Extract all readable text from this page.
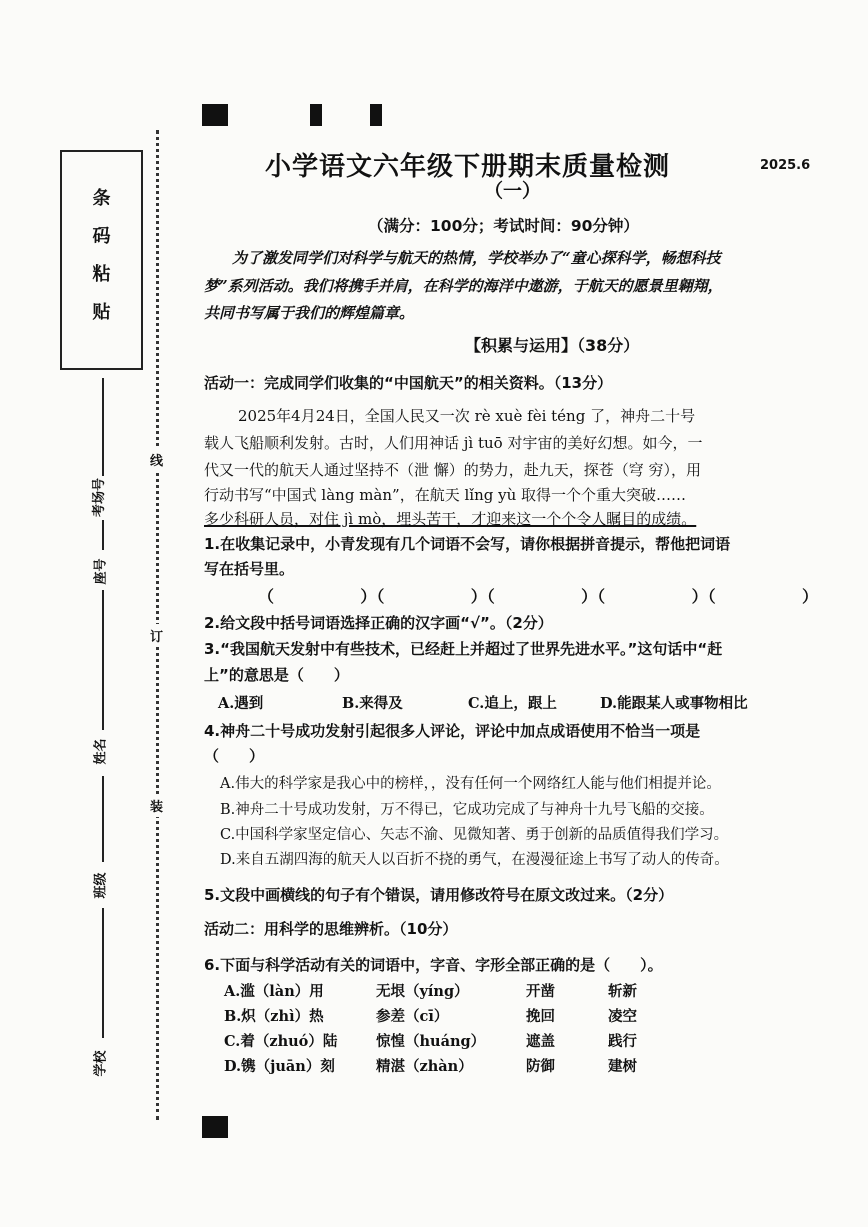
条
码
粘
贴
考场号
座号
姓名
班级
学校
线
订
装
小学语文六年级下册期末质量检测	2025.6
（一）
（满分：100分；考试时间：90分钟）
为了激发同学们对科学与航天的热情，学校举办了“童心探科学，畅想科技
梦”系列活动。我们将携手并肩，在科学的海洋中遨游，于航天的愿景里翱翔，
共同书写属于我们的辉煌篇章。
【积累与运用】（38分）
活动一：完成同学们收集的“中国航天”的相关资料。（13分）
2025年4月24日，全国人民又一次 rè xuè fèi téng 了，神舟二十号
载人飞船顺利发射。古时，人们用神话 jì tuō 对宇宙的美好幻想。如今，一
代又一代的航天人通过坚持不（泄 懈）的势力，赴九天，探苍（穹 穷），用
行动书写“中国式 làng màn”，在航天 lǐng yù 取得一个个重大突破……
多少科研人员，对住 jì mò，埋头苦干，才迎来这一个个令人瞩目的成绩。
1.在收集记录中，小青发现有几个词语不会写，请你根据拼音提示，帮他把词语
写在括号里。
（	）（	）（	）（	）（	）
2.给文段中括号词语选择正确的汉字画“√”。（2分）
3.“我国航天发射中有些技术，已经赶上并超过了世界先进水平。”这句话中“赶
上”的意思是（　　）
A.遇到	B.来得及	C.追上，跟上	D.能跟某人或事物相比
4.神舟二十号成功发射引起很多人评论，评论中加点成语使用不恰当一项是
（　　）
A.伟大的科学家是我心中的榜样，，没有任何一个网络红人能与他们相提并论。
B.神舟二十号成功发射，万不得已，它成功完成了与神舟十九号飞船的交接。
C.中国科学家坚定信心、矢志不渝、见微知著、勇于创新的品质值得我们学习。
D.来自五湖四海的航天人以百折不挠的勇气，在漫漫征途上书写了动人的传奇。
5.文段中画横线的句子有个错误，请用修改符号在原文改过来。（2分）
活动二：用科学的思维辨析。（10分）
6.下面与科学活动有关的词语中，字音、字形全部正确的是（　　）。
A.滥（làn）用	无垠（yíng）	开凿	斩新
B.炽（zhì）热	参差（cī）	挽回	凌空
C.着（zhuó）陆	惊惶（huáng）	遮盖	践行
D.镌（juān）刻	精湛（zhàn）	防御	建树
